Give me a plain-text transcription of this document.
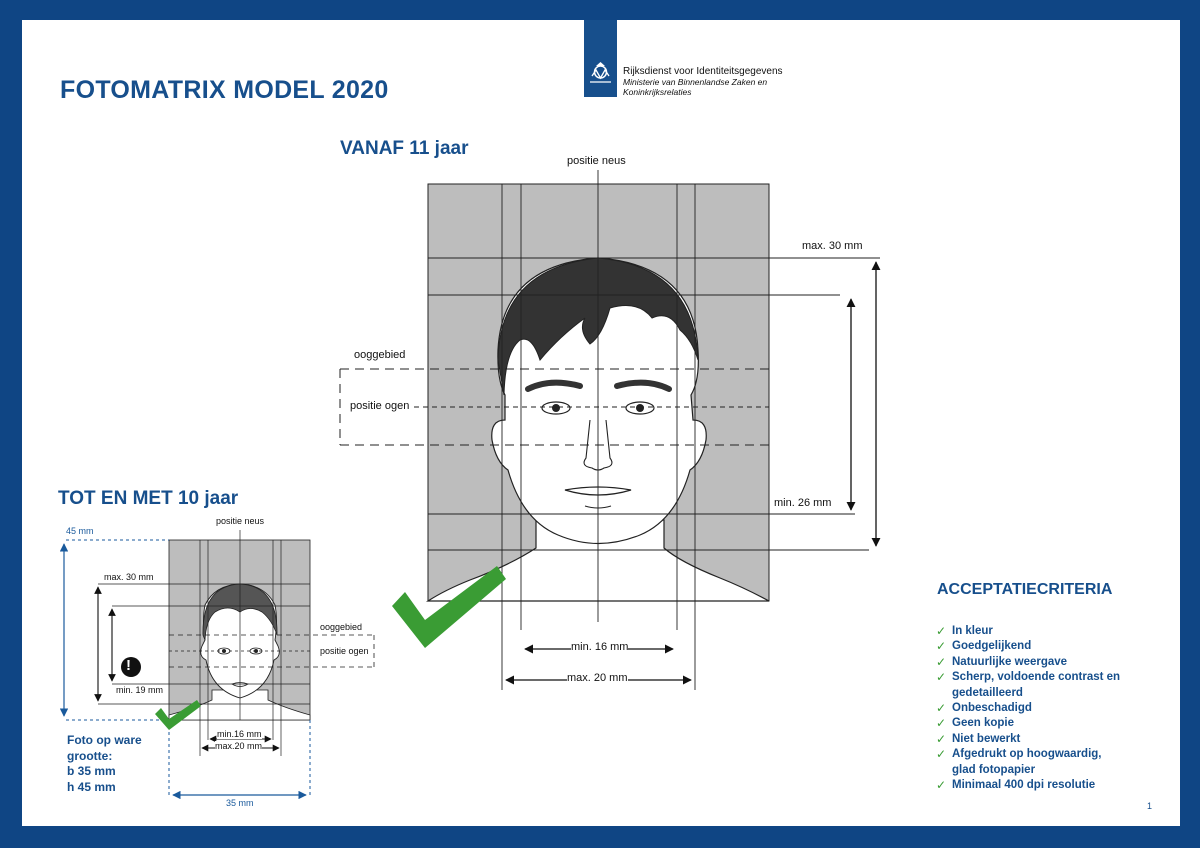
Rijksdienst voor Identiteitsgegevens
Ministerie van Binnenlandse Zaken en
Koninkrijksrelaties
FOTOMATRIX MODEL 2020
VANAF 11 jaar
positie neus
ooggebied
positie ogen
max. 30 mm
min. 26 mm
min. 16 mm
max. 20 mm
TOT EN MET 10 jaar
positie neus
ooggebied
positie ogen
max. 30 mm
min. 19 mm
min.16 mm
max.20 mm
45 mm
35 mm
!
Foto op ware
grootte:
b 35 mm
h 45 mm
ACCEPTATIECRITERIA
✓ In kleur
✓ Goedgelijkend
✓ Natuurlijke weergave
✓ Scherp, voldoende contrast en gedetailleerd
✓ Onbeschadigd
✓ Geen kopie
✓ Niet bewerkt
✓ Afgedrukt op hoogwaardig, glad fotopapier
✓ Minimaal 400 dpi resolutie
1
